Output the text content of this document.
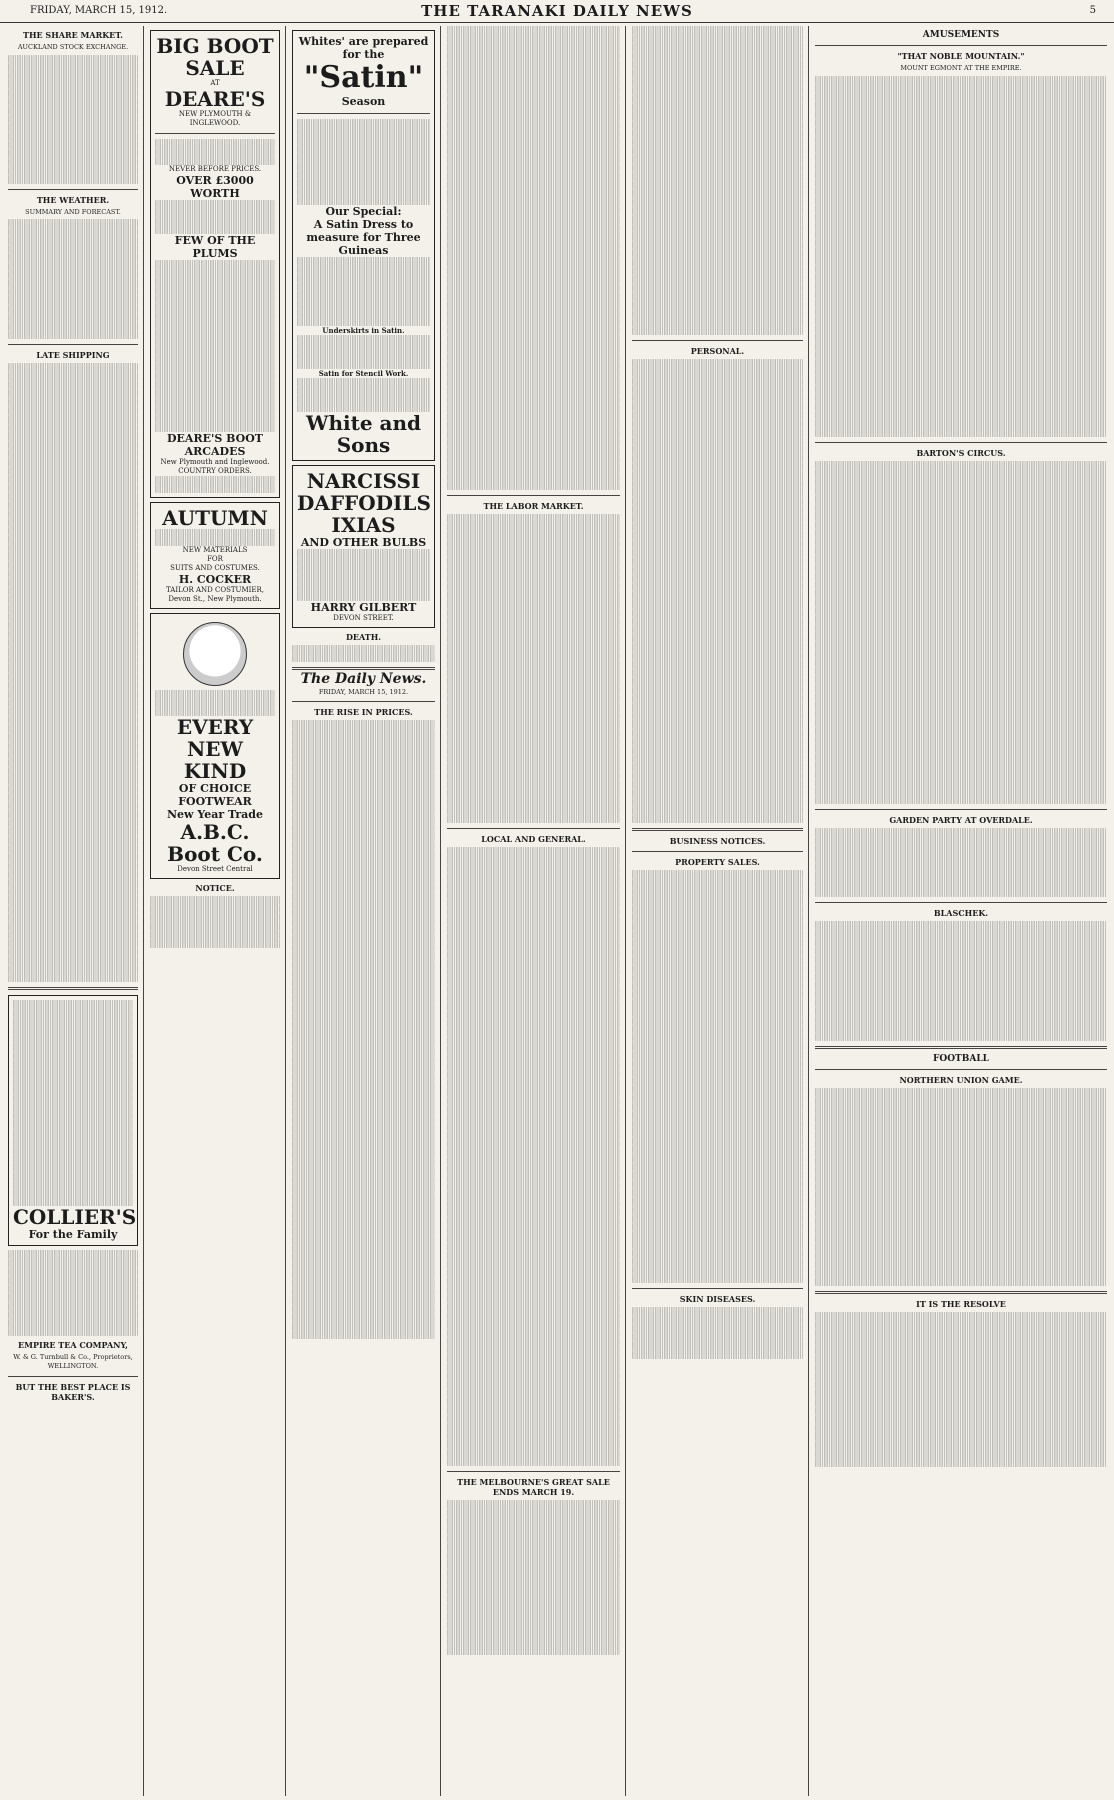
FRIDAY, MARCH 15, 1912.	THE TARANAKI DAILY NEWS	5
THE SHARE MARKET.
AUCKLAND STOCK EXCHANGE.
THE WEATHER.
SUMMARY AND FORECAST.
LATE SHIPPING
COLLIER'S
For the Family
EMPIRE TEA COMPANY,
W. & G. Turnbull & Co., Proprietors, WELLINGTON.
BUT THE BEST PLACE IS BAKER'S.
BIG BOOT SALE
AT
DEARE'S
NEW PLYMOUTH & INGLEWOOD.
NEVER BEFORE PRICES.
OVER £3000 WORTH
FEW OF THE PLUMS
DEARE'S BOOT ARCADES
New Plymouth and Inglewood.
COUNTRY ORDERS.
AUTUMN
NEW MATERIALS
FOR
SUITS AND COSTUMES.
H. COCKER
TAILOR AND COSTUMIER, Devon St., New Plymouth.
EVERY NEW KIND
OF CHOICE FOOTWEAR
New Year Trade
A.B.C. Boot Co.
Devon Street Central
NOTICE.
Whites' are prepared for the
"Satin"
Season
Our Special:
A Satin Dress to measure for Three Guineas
Underskirts in Satin.
Satin for Stencil Work.
White and Sons
NARCISSI
DAFFODILS
IXIAS
AND OTHER BULBS
HARRY GILBERT
DEVON STREET.
DEATH.
The Daily News.
FRIDAY, MARCH 15, 1912.
THE RISE IN PRICES.
THE LABOR MARKET.
LOCAL AND GENERAL.
THE MELBOURNE'S GREAT SALE ENDS MARCH 19.
PERSONAL.
BUSINESS NOTICES.
PROPERTY SALES.
SKIN DISEASES.
AMUSEMENTS
"THAT NOBLE MOUNTAIN."
MOUNT EGMONT AT THE EMPIRE.
BARTON'S CIRCUS.
GARDEN PARTY AT OVERDALE.
BLASCHEK.
FOOTBALL
NORTHERN UNION GAME.
IT IS THE RESOLVE
